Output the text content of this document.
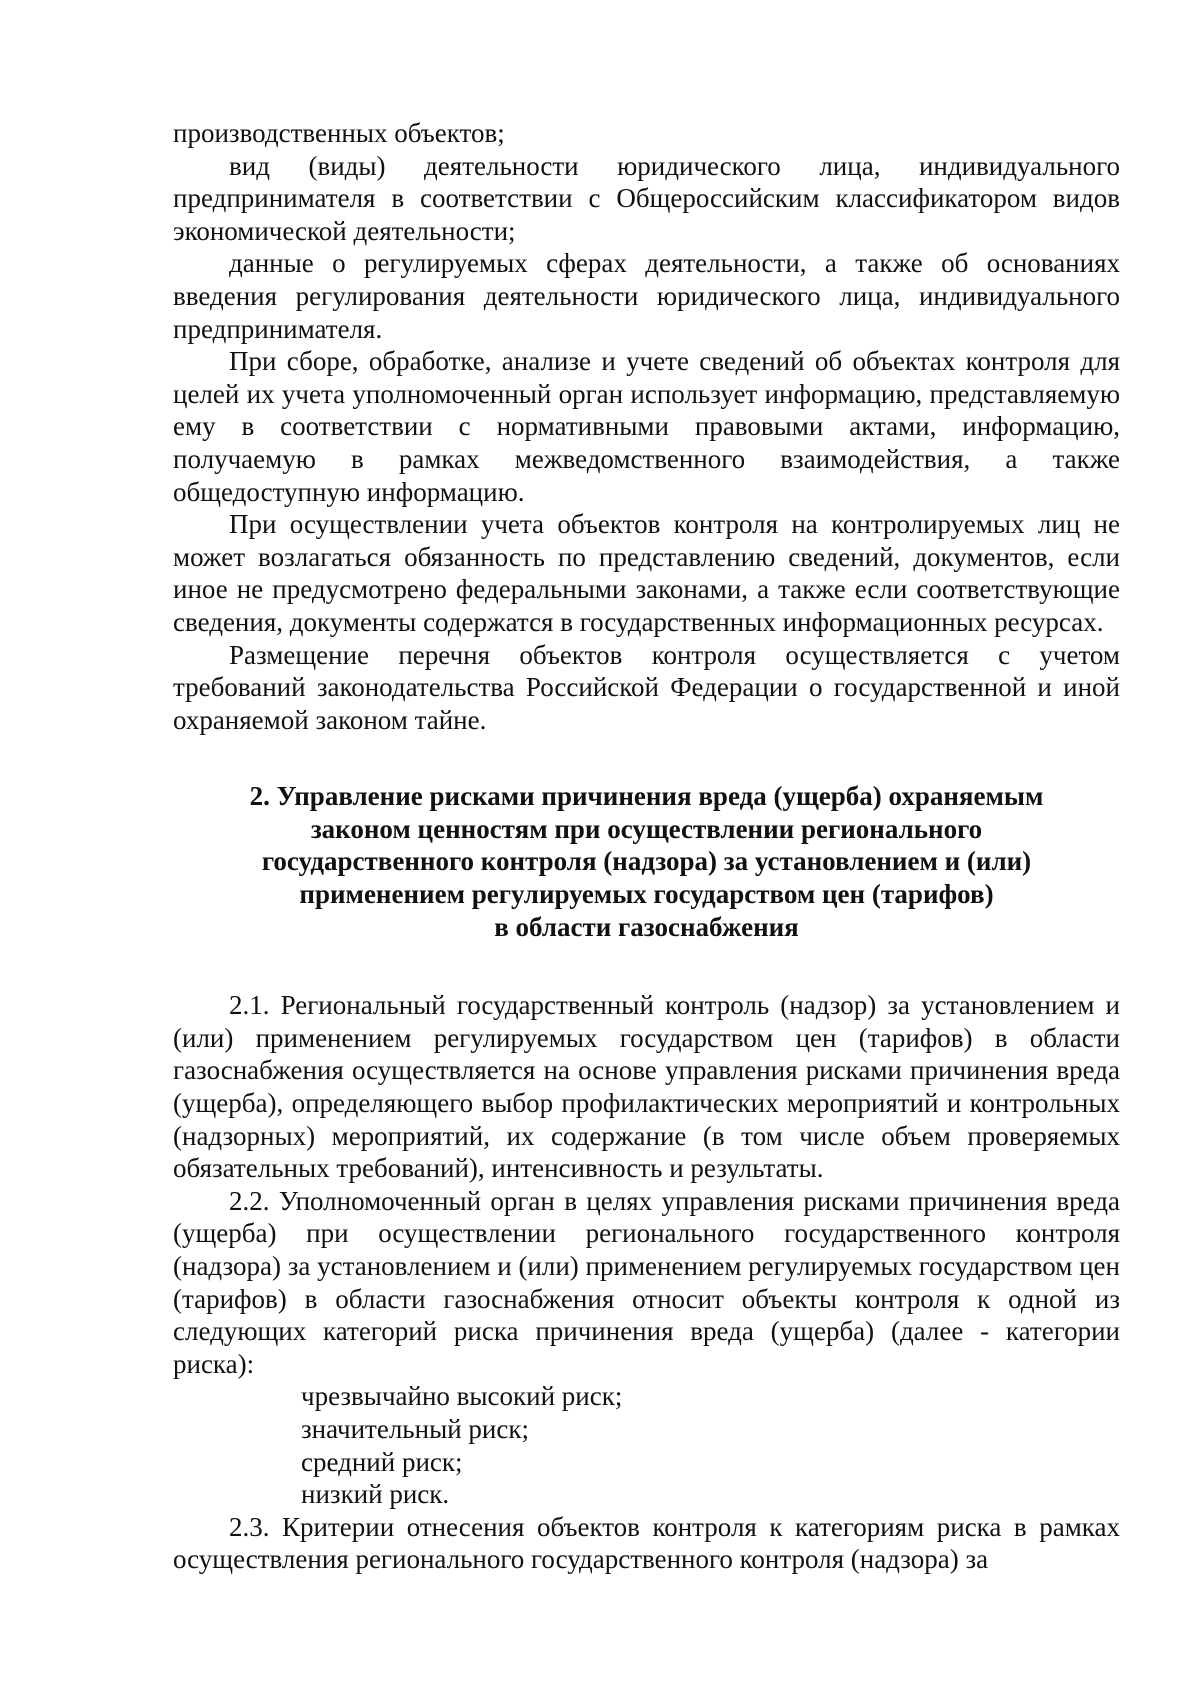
производственных объектов;

вид (виды) деятельности юридического лица, индивидуального предпринимателя в соответствии с Общероссийским классификатором видов экономической деятельности;

данные о регулируемых сферах деятельности, а также об основаниях введения регулирования деятельности юридического лица, индивидуального предпринимателя.

При сборе, обработке, анализе и учете сведений об объектах контроля для целей их учета уполномоченный орган использует информацию, представляемую ему в соответствии с нормативными правовыми актами, информацию, получаемую в рамках межведомственного взаимодействия, а также общедоступную информацию.

При осуществлении учета объектов контроля на контролируемых лиц не может возлагаться обязанность по представлению сведений, документов, если иное не предусмотрено федеральными законами, а также если соответствующие сведения, документы содержатся в государственных информационных ресурсах.

Размещение перечня объектов контроля осуществляется с учетом требований законодательства Российской Федерации о государственной и иной охраняемой законом тайне.

2. Управление рисками причинения вреда (ущерба) охраняемым
законом ценностям при осуществлении регионального
государственного контроля (надзора) за установлением и (или)
применением регулируемых государством цен (тарифов)
в области газоснабжения

2.1. Региональный государственный контроль (надзор) за установлением и (или) применением регулируемых государством цен (тарифов) в области газоснабжения осуществляется на основе управления рисками причинения вреда (ущерба), определяющего выбор профилактических мероприятий и контрольных (надзорных) мероприятий, их содержание (в том числе объем проверяемых обязательных требований), интенсивность и результаты.

2.2. Уполномоченный орган в целях управления рисками причинения вреда (ущерба) при осуществлении регионального государственного контроля (надзора) за установлением и (или) применением регулируемых государством цен (тарифов) в области газоснабжения относит объекты контроля к одной из следующих категорий риска причинения вреда (ущерба) (далее - категории риска):

чрезвычайно высокий риск;
значительный риск;
средний риск;
низкий риск.

2.3. Критерии отнесения объектов контроля к категориям риска в рамках осуществления регионального государственного контроля (надзора) за
